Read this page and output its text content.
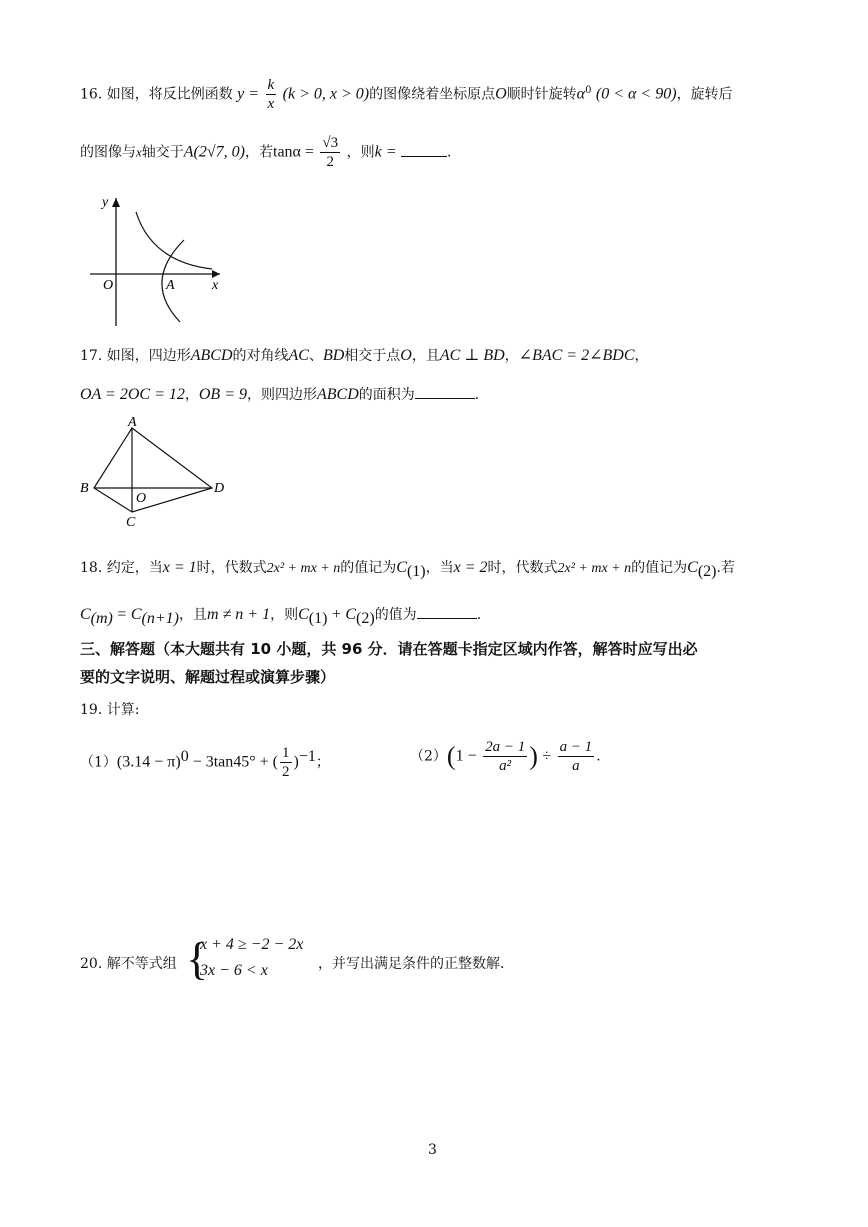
16. 如图，将反比例函数 $y = \frac{k}{x} (k > 0$, x > 0)的图像绕着坐标原点O顺时针旋转$\alpha^0$ (0 < α < 90)，旋转后
的图像与x轴交于A(2√7, 0)，若$\tan\alpha = \frac{√3}{2}$ ，则k =	.
y
x
O	A
17. 如图，四边形ABCD的对角线AC、BD相交于点O，且AC ⊥ BD，∠BAC = 2∠BDC，
OA = 2OC = 12，OB = 9，则四边形ABCD的面积为	.
A
B
C
D
O
18. 约定，当x = 1时，代数式2x² + mx + n的值记为$C_{(1)}$，当x = 2时，代数式2x² + mx + n的值记为$C_{(2)}$.若
$C_{(m)} = C_{(n+1)}$，且m ≠ n + 1，则$C_{(1)} + C_{(2)}$的值为	.
三、解答题（本大题共有 10 小题，共 96 分．请在答题卡指定区域内作答，解答时应写出必
要的文字说明、解题过程或演算步骤）
19. 计算:
$(1)(3.14 - \pi)^0 - 3\tan 45^\circ$ + ( $\frac{1}{2} )^{-1}$；	$(2)(1 - \frac{2a - 1}{\text{a²}}$ ) ÷ $\frac{a - 1}{a}$ .
20. 解不等式组 {
x + 4 ≥ −2 − 2x
3x − 6 < x	，并写出满足条件的正整数解.
3
